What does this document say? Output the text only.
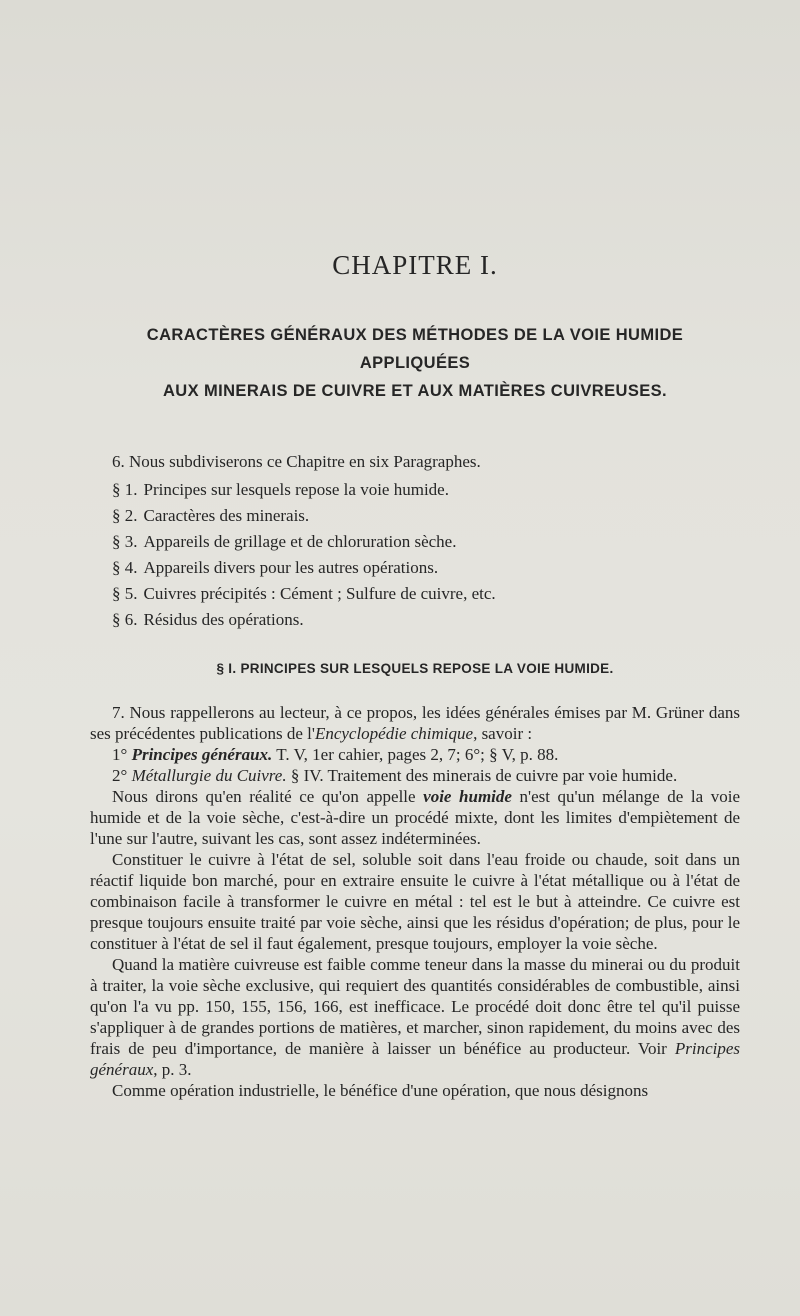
CHAPITRE I.
CARACTÈRES GÉNÉRAUX DES MÉTHODES DE LA VOIE HUMIDE APPLIQUÉES
AUX MINERAIS DE CUIVRE ET AUX MATIÈRES CUIVREUSES.

6. Nous subdiviserons ce Chapitre en six Paragraphes.

§ 1. Principes sur lesquels repose la voie humide.
§ 2. Caractères des minerais.
§ 3. Appareils de grillage et de chloruration sèche.
§ 4. Appareils divers pour les autres opérations.
§ 5. Cuivres précipités : Cément ; Sulfure de cuivre, etc.
§ 6. Résidus des opérations.
§ I. PRINCIPES SUR LESQUELS REPOSE LA VOIE HUMIDE.

7. Nous rappellerons au lecteur, à ce propos, les idées générales émises par M. Grüner dans ses précédentes publications de l'Encyclopédie chimique, savoir :

1° Principes généraux. T. V, 1er cahier, pages 2, 7; 6°; § V, p. 88.

2° Métallurgie du Cuivre. § IV. Traitement des minerais de cuivre par voie humide.

Nous dirons qu'en réalité ce qu'on appelle voie humide n'est qu'un mélange de la voie humide et de la voie sèche, c'est-à-dire un procédé mixte, dont les limites d'empiètement de l'une sur l'autre, suivant les cas, sont assez indéterminées.

Constituer le cuivre à l'état de sel, soluble soit dans l'eau froide ou chaude, soit dans un réactif liquide bon marché, pour en extraire ensuite le cuivre à l'état métallique ou à l'état de combinaison facile à transformer le cuivre en métal : tel est le but à atteindre. Ce cuivre est presque toujours ensuite traité par voie sèche, ainsi que les résidus d'opération; de plus, pour le constituer à l'état de sel il faut également, presque toujours, employer la voie sèche.

Quand la matière cuivreuse est faible comme teneur dans la masse du minerai ou du produit à traiter, la voie sèche exclusive, qui requiert des quantités considérables de combustible, ainsi qu'on l'a vu pp. 150, 155, 156, 166, est inefficace. Le procédé doit donc être tel qu'il puisse s'appliquer à de grandes portions de matières, et marcher, sinon rapidement, du moins avec des frais de peu d'importance, de manière à laisser un bénéfice au producteur. Voir Principes généraux, p. 3.

Comme opération industrielle, le bénéfice d'une opération, que nous désignons
